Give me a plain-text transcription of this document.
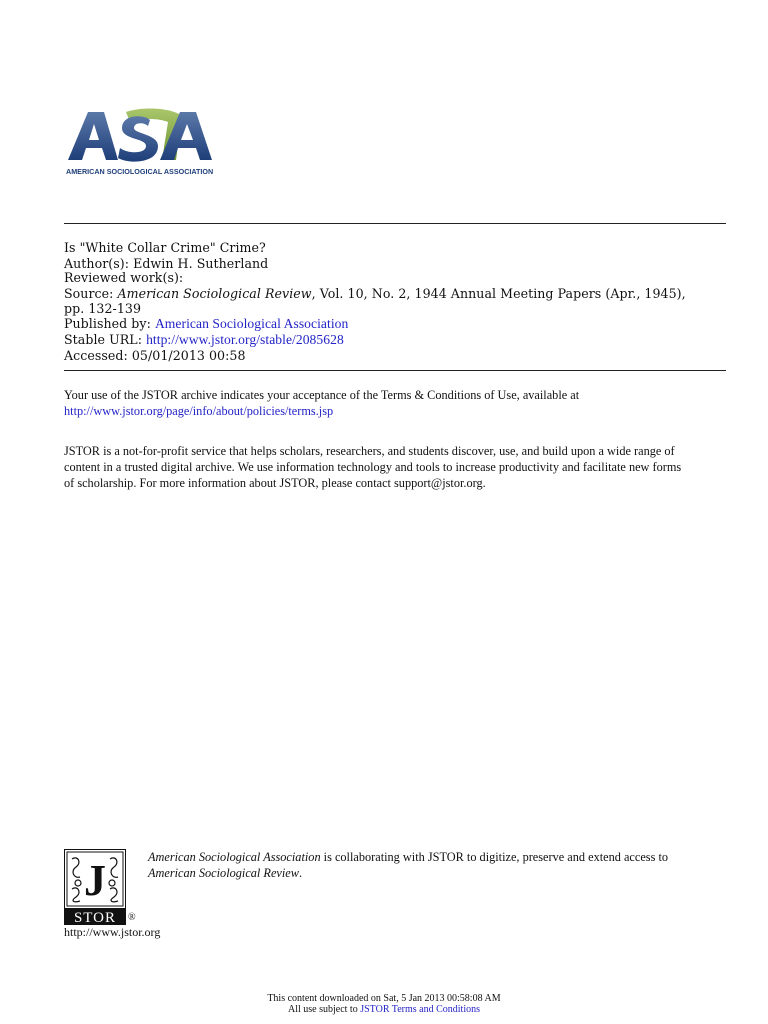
AMERICAN SOCIOLOGICAL ASSOCIATION
Is "White Collar Crime" Crime?
Author(s): Edwin H. Sutherland
Reviewed work(s):
Source: American Sociological Review, Vol. 10, No. 2, 1944 Annual Meeting Papers (Apr., 1945),
pp. 132-139
Published by: American Sociological Association
Stable URL: http://www.jstor.org/stable/2085628
Accessed: 05/01/2013 00:58
Your use of the JSTOR archive indicates your acceptance of the Terms & Conditions of Use, available at
http://www.jstor.org/page/info/about/policies/terms.jsp
JSTOR is a not-for-profit service that helps scholars, researchers, and students discover, use, and build upon a wide range of
content in a trusted digital archive. We use information technology and tools to increase productivity and facilitate new forms
of scholarship. For more information about JSTOR, please contact support@jstor.org.
J
STOR ®
http://www.jstor.org
American Sociological Association is collaborating with JSTOR to digitize, preserve and extend access to
American Sociological Review.
This content downloaded on Sat, 5 Jan 2013 00:58:08 AM
All use subject to JSTOR Terms and Conditions
